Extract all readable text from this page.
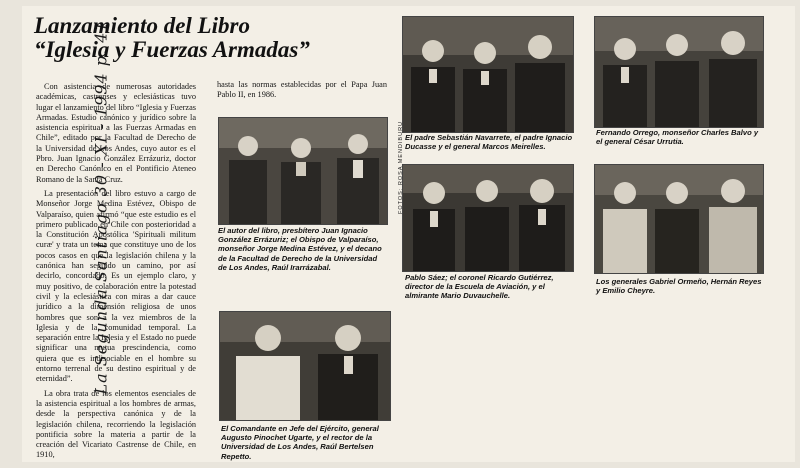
La Segunda Santiago 30 - XI - 1994 p. 41
Lanzamiento del Libro
“Iglesia y Fuerzas Armadas”

Con asistencia de numerosas autoridades académicas, castrenses y eclesiásticas tuvo lugar el lanzamiento del libro “Iglesia y Fuerzas Armadas. Estudio canónico y jurídico sobre la asistencia espiritual a las Fuerzas Armadas en Chile”, editado por la Facultad de Derecho de la Universidad de Los Andes, cuyo autor es el Pbro. Juan Ignacio González Errázuriz, doctor en Derecho Canónico en el Pontificio Ateneo Romano de la Santa Cruz.

La presentación del libro estuvo a cargo de Monseñor Jorge Medina Estévez, Obispo de Valparaíso, quien afirmó “que este estudio es el primero publicado en Chile con posterioridad a la Constitución Apostólica 'Spirituali militum curæ' y trata un tema que constituye uno de los pocos casos en que la legislación chilena y la canónica han seguido un camino, por así decirlo, concordado. Es un ejemplo claro, y muy positivo, de colaboración entre la potestad civil y la eclesiástica con miras a dar cauce jurídico a la dimensión religiosa de unos hombres que son a la vez miembros de la Iglesia y de la comunidad temporal. La separación entre la Iglesia y el Estado no puede significar una mutua prescindencia, como quiera que es indisociable en el hombre su entorno terrenal de su destino espiritual y de eternidad”.

La obra trata de los elementos esenciales de la asistencia espiritual a los hombres de armas, desde la perspectiva canónica y de la legislación chilena, recorriendo la legislación pontificia sobre la materia a partir de la creación del Vicariato Castrense de Chile, en 1910,

hasta las normas establecidas por el Papa Juan Pablo II, en 1986.

El autor del libro, presbítero Juan Ignacio González Errázuriz; el Obispo de Valparaíso, monseñor Jorge Medina Estévez, y el decano de la Facultad de Derecho de la Universidad de Los Andes, Raúl Irarrázabal.
El padre Sebastián Navarrete, el padre Ignacio Ducasse y el general Marcos Meirelles.
Fernando Orrego, monseñor Charles Balvo y el general César Urrutia.
FOTOS: ROSA MENDIBURU
Pablo Sáez; el coronel Ricardo Gutiérrez, director de la Escuela de Aviación, y el almirante Mario Duvauchelle.
Los generales Gabriel Ormeño, Hernán Reyes y Emilio Cheyre.
El Comandante en Jefe del Ejército, general Augusto Pinochet Ugarte, y el rector de la Universidad de Los Andes, Raúl Bertelsen Repetto.
